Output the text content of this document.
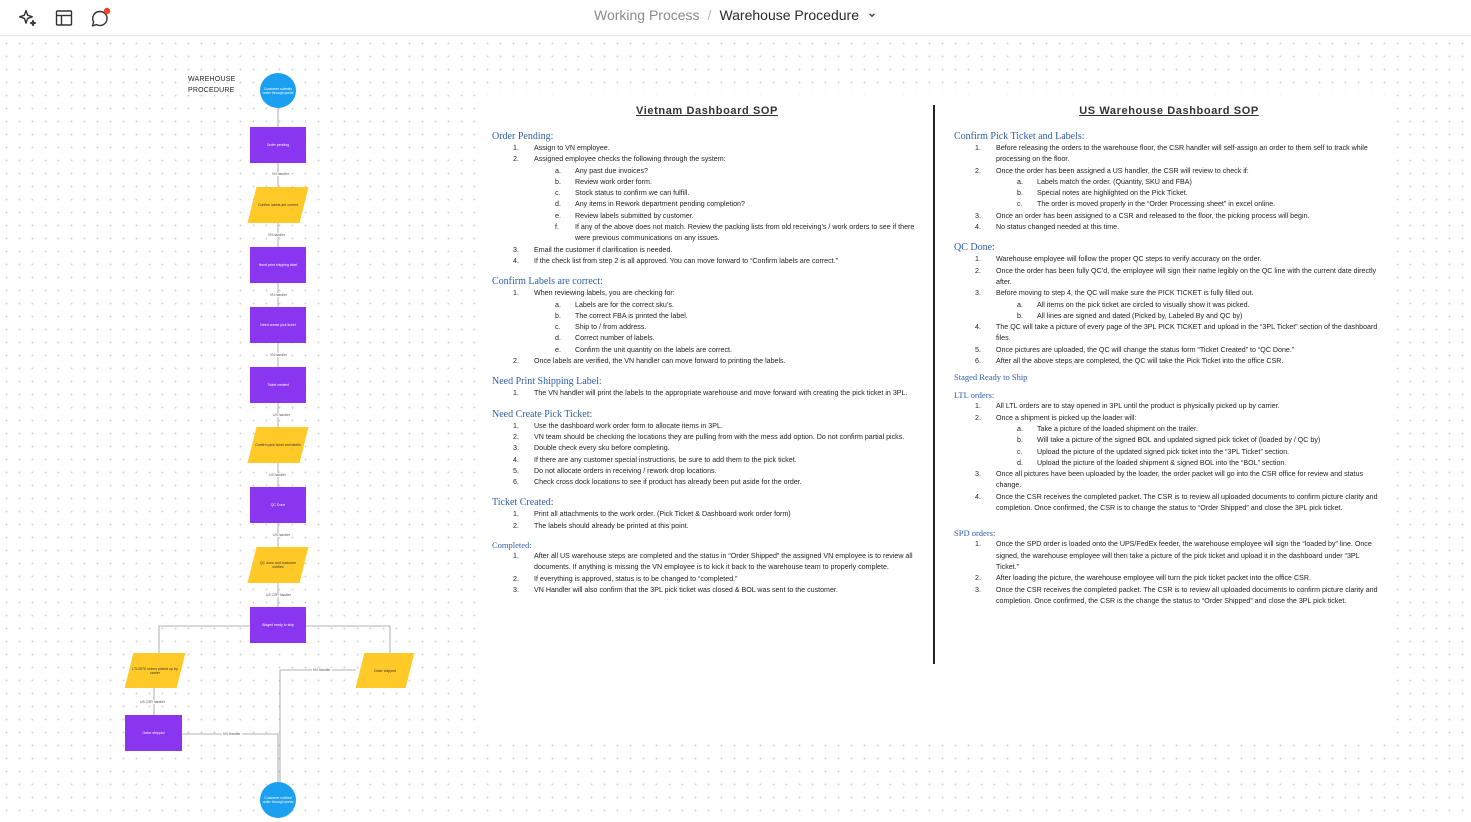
Working Process / Warehouse Procedure
WAREHOUSE
PROCEDURE	Customer submits order through portal
Order pending
Confirm labels are correct
Need print shipping label
Need create pick ticket
Ticket created
Confirm pick ticket and labels
QC Done
QC done and customer notified
Staged ready to ship
LTL/SPD orders picked up by carrier	Order shipped
Order shipped
Customer notified order through portal
VN handler
VN handler
VN handler
VN handler
US handler
US handler
US handler
US CSR handler
US CSR handler
VN Handler
VN Handler
Vietnam Dashboard SOP
Order Pending:
1.	Assign to VN employee.
2.	Assigned employee checks the following through the system:
a.	Any past due invoices?
b.	Review work order form.
c.	Stock status to confirm we can fulfill.
d.	Any items in Rework department pending completion?
e.	Review labels submitted by customer.
f.	If any of the above does not match. Review the packing lists from old receiving’s / work orders to see if there were previous communications on any issues.
3.	Email the customer if clarification is needed.
4.	If the check list from step 2 is all approved. You can move forward to “Confirm labels are correct.”
Confirm Labels are correct:
1.	When reviewing labels, you are checking for:
a.	Labels are for the correct sku’s.
b.	The correct FBA is printed the label.
c.	Ship to / from address.
d.	Correct number of labels.
e.	Confirm the unit quantity on the labels are correct.
2.	Once labels are verified, the VN handler can move forward to printing the labels.
Need Print Shipping Label:
1.	The VN handler will print the labels to the appropriate warehouse and move forward with creating the pick ticket in 3PL.
Need Create Pick Ticket:
1.	Use the dashboard work order form to allocate items in 3PL.
2.	VN team should be checking the locations they are pulling from with the mess add option. Do not confirm partial picks.
3.	Double check every sku before completing.
4.	If there are any customer special instructions, be sure to add them to the pick ticket.
5.	Do not allocate orders in receiving / rework drop locations.
6.	Check cross dock locations to see if product has already been put aside for the order.
Ticket Created:
1.	Print all attachments to the work order. (Pick Ticket & Dashboard work order form)
2.	The labels should already be printed at this point.
Completed:
1.	After all US warehouse steps are completed and the status in “Order Shipped” the assigned VN employee is to review all documents. If anything is missing the VN employee is to kick it back to the warehouse team to properly complete.
2.	If everything is approved, status is to be changed to “completed.”
3.	VN Handler will also confirm that the 3PL pick ticket was closed & BOL was sent to the customer.
US Warehouse Dashboard SOP
Confirm Pick Ticket and Labels:
1.	Before releasing the orders to the warehouse floor, the CSR handler will self-assign an order to them self to track while processing on the floor.
2.	Once the order has been assigned a US handler, the CSR will review to check if:
a.	Labels match the order. (Quantity, SKU and FBA)
b.	Special notes are highlighted on the Pick Ticket.
c.	The order is moved properly in the “Order Processing sheet” in excel online.
3.	Once an order has been assigned to a CSR and released to the floor, the picking process will begin.
4.	No status changed needed at this time.
QC Done:
1.	Warehouse employee will follow the proper QC steps to verify accuracy on the order.
2.	Once the order has been fully QC’d, the employee will sign their name legibly on the QC line with the current date directly after.
3.	Before moving to step 4, the QC will make sure the PICK TICKET is fully filled out.
a.	All items on the pick ticket are circled to visually show it was picked.
b.	All lines are signed and dated (Picked by, Labeled By and QC by)
4.	The QC will take a picture of every page of the 3PL PICK TICKET and upload in the “3PL Ticket” section of the dashboard files.
5.	Once pictures are uploaded, the QC will change the status form “Ticket Created” to “QC Done.”
6.	After all the above steps are completed, the QC will take the Pick Ticket into the office CSR.
Staged Ready to Ship
LTL orders:
1.	All LTL orders are to stay opened in 3PL until the product is physically picked up by carrier.
2.	Once a shipment is picked up the loader will:
a.	Take a picture of the loaded shipment on the trailer.
b.	Will take a picture of the signed BOL and updated signed pick ticket of (loaded by / QC by)
c.	Upload the picture of the updated signed pick ticket into the “3PL Ticket” section.
d.	Upload the picture of the loaded shipment & signed BOL into the “BOL” section.
3.	Once all pictures have been uploaded by the loader, the order packet will go into the CSR office for review and status change.
4.	Once the CSR receives the completed packet. The CSR is to review all uploaded documents to confirm picture clarity and completion. Once confirmed, the CSR is to change the status to “Order Shipped” and close the 3PL pick ticket.
SPD orders:
1.	Once the SPD order is loaded onto the UPS/FedEx feeder, the warehouse employee will sign the “loaded by” line. Once signed, the warehouse employee will then take a picture of the pick ticket and upload it in the dashboard under “3PL Ticket.”
2.	After loading the picture, the warehouse employee will turn the pick ticket packet into the office CSR.
3.	Once the CSR receives the completed packet. The CSR is to review all uploaded documents to confirm picture clarity and completion. Once confirmed, the CSR is the change the status to “Order Shipped” and close the 3PL pick ticket.
